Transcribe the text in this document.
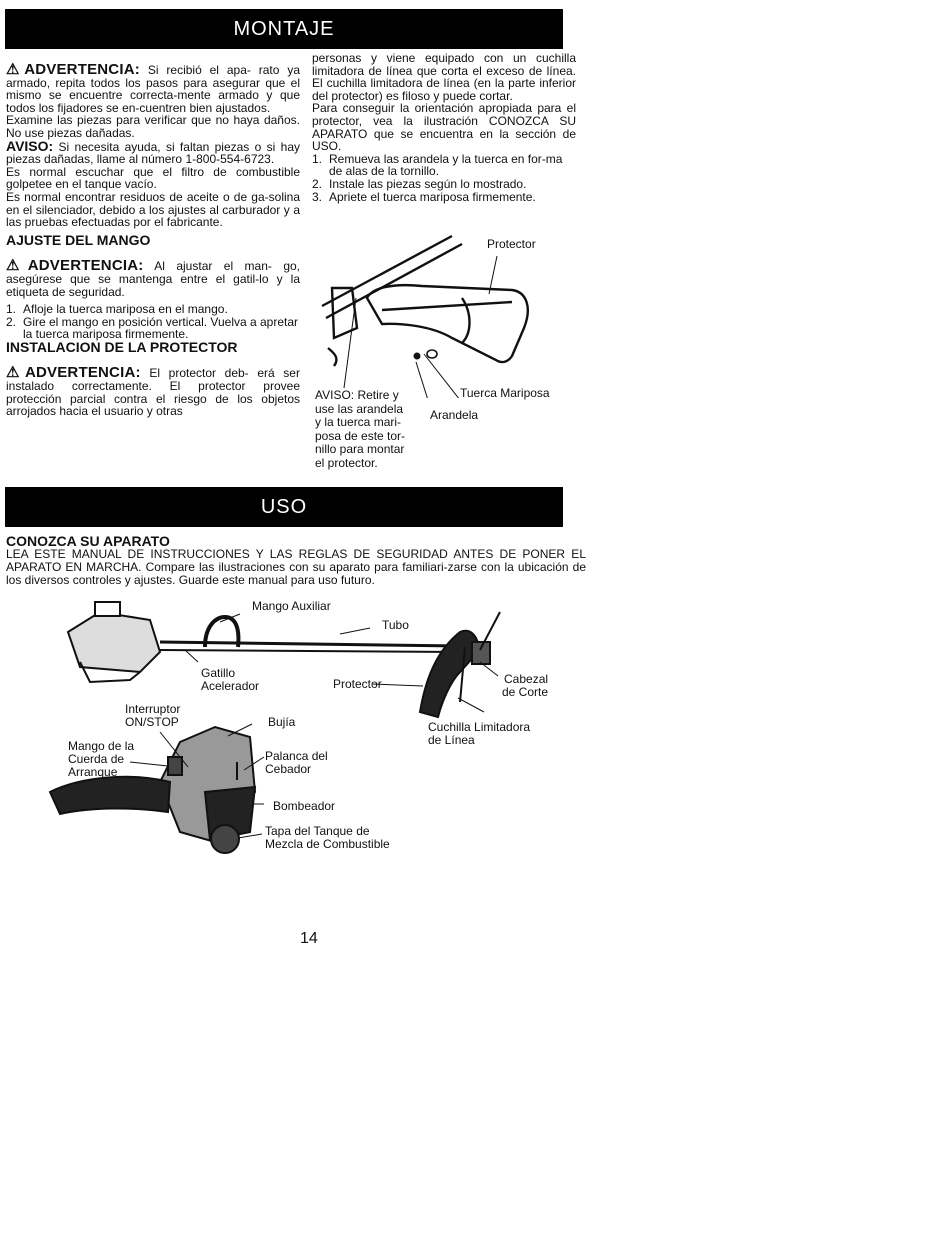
MONTAJE

⚠ADVERTENCIA: Si recibió el apa- rato ya armado, repita todos los pasos para asegurar que el mismo se encuentre correcta-mente armado y que todos los fijadores se en-cuentren bien ajustados.

Examine las piezas para verificar que no haya daños. No use piezas dañadas.

AVISO: Si necesita ayuda, si faltan piezas o si hay piezas dañadas, llame al número 1-800-554-6723.

Es normal escuchar que el filtro de combustible golpetee en el tanque vacío.

Es normal encontrar residuos de aceite o de ga-solina en el silenciador, debido a los ajustes al carburador y a las pruebas efectuadas por el fabricante.

AJUSTE DEL MANGO

⚠ADVERTENCIA: Al ajustar el man- go, asegúrese que se mantenga entre el gatil-lo y la etiqueta de seguridad.

1. Afloje la tuerca mariposa en el mango.
2. Gire el mango en posición vertical. Vuelva a apretar la tuerca mariposa firmemente.

INSTALACION DE LA PROTECTOR

⚠ADVERTENCIA: El protector deb- erá ser instalado correctamente. El protector provee protección parcial contra el riesgo de los objetos arrojados hacia el usuario y otras

personas y viene equipado con un cuchilla limitadora de línea que corta el exceso de línea. El cuchilla limitadora de línea (en la parte inferior del protector) es filoso y puede cortar.

Para conseguir la orientación apropiada para el protector, vea la ilustración CONOZCA SU APARATO que se encuentra en la sección de USO.

1. Remueva las arandela y la tuerca en for-ma de alas de la tornillo.
2. Instale las piezas según lo mostrado.
3. Apriete el tuerca mariposa firmemente.
Protector
Tuerca Mariposa
Arandela
AVISO: Retire y
use las arandela
y la tuerca mari-
posa de este tor-
nillo para montar
el protector.
USO

CONOZCA SU APARATO

LEA ESTE MANUAL DE INSTRUCCIONES Y LAS REGLAS DE SEGURIDAD ANTES DE PONER EL APARATO EN MARCHA. Compare las ilustraciones con su aparato para familiari-zarse con la ubicación de los diversos controles y ajustes. Guarde este manual para uso futuro.

Mango Auxiliar
Tubo
Gatillo
Acelerador	Protector	Cabezal
de Corte
Interruptor
ON/STOP	Bujía	Cuchilla Limitadora
de Línea
Mango de la
Cuerda de
Arranque
Palanca del
Cebador
Bombeador
Tapa del Tanque de
Mezcla de Combustible
14
